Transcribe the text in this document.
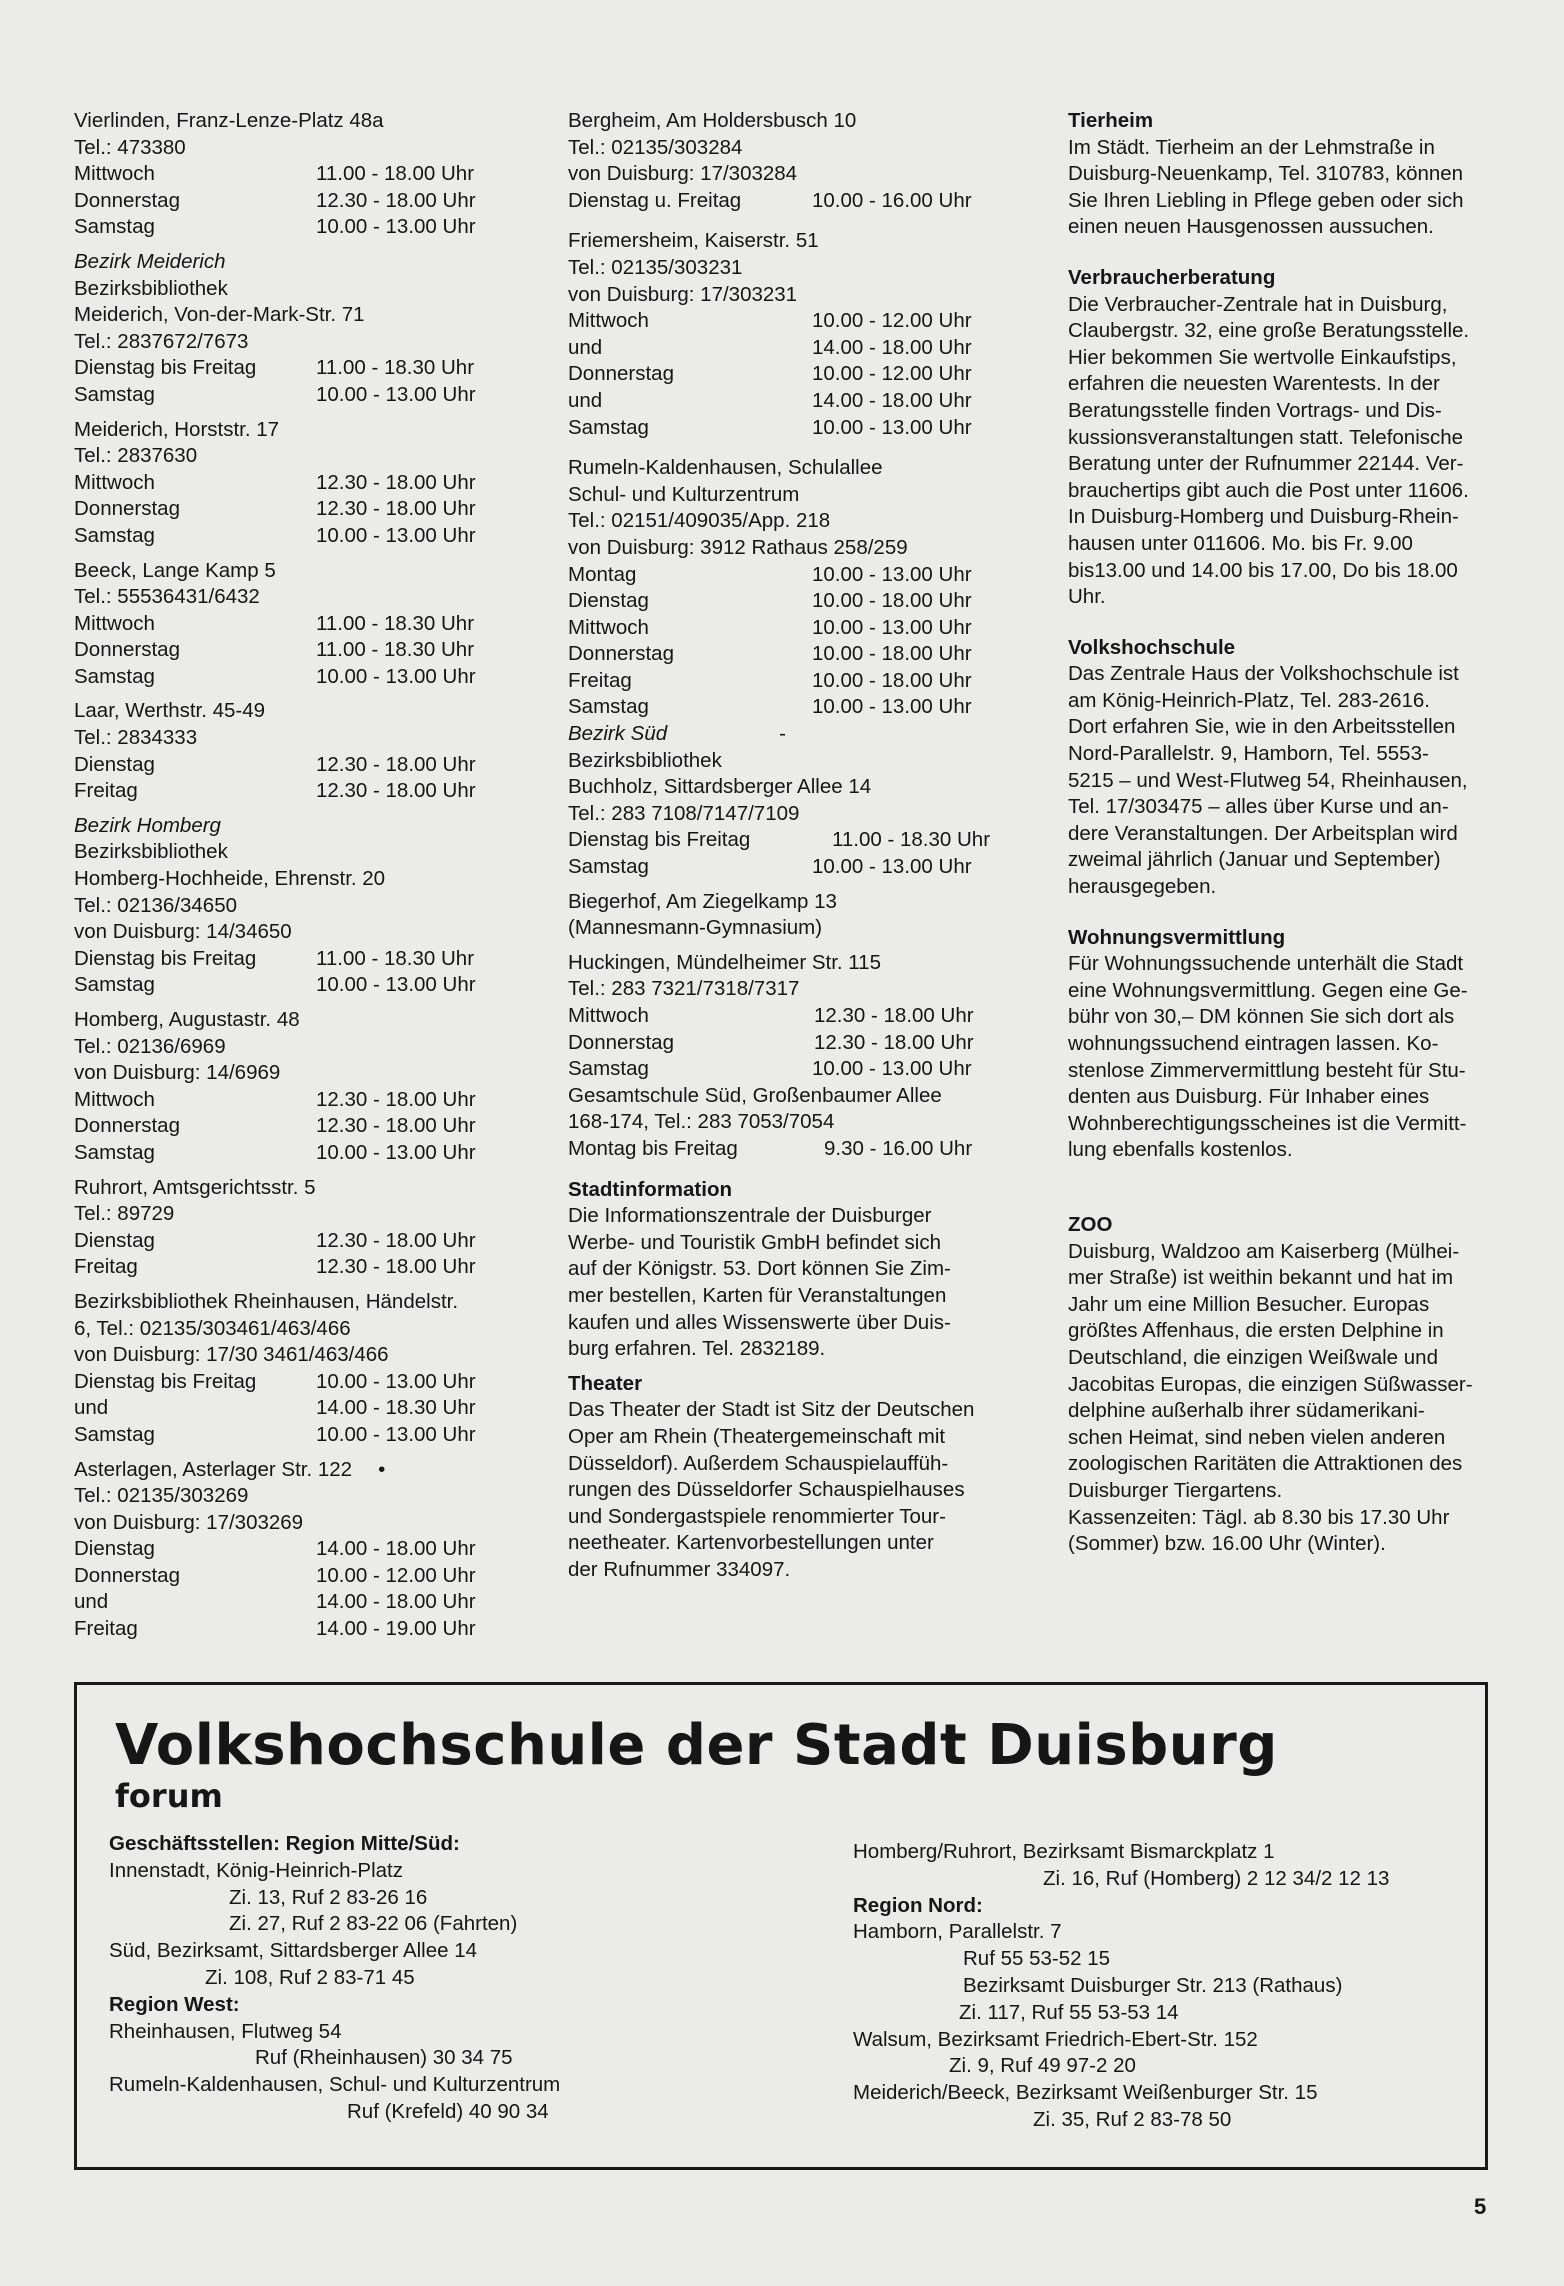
Vierlinden, Franz-Lenze-Platz 48a
Tel.: 473380
Mittwoch	11.00 - 18.00 Uhr
Donnerstag	12.30 - 18.00 Uhr
Samstag	10.00 - 13.00 Uhr
Bezirk Meiderich
Bezirksbibliothek
Meiderich, Von-der-Mark-Str. 71
Tel.: 2837672/7673
Dienstag bis Freitag	11.00 - 18.30 Uhr
Samstag	10.00 - 13.00 Uhr
Meiderich, Horststr. 17
Tel.: 2837630
Mittwoch	12.30 - 18.00 Uhr
Donnerstag	12.30 - 18.00 Uhr
Samstag	10.00 - 13.00 Uhr
Beeck, Lange Kamp 5
Tel.: 55536431/6432
Mittwoch	11.00 - 18.30 Uhr
Donnerstag	11.00 - 18.30 Uhr
Samstag	10.00 - 13.00 Uhr
Laar, Werthstr. 45-49
Tel.: 2834333
Dienstag	12.30 - 18.00 Uhr
Freitag	12.30 - 18.00 Uhr
Bezirk Homberg
Bezirksbibliothek
Homberg-Hochheide, Ehrenstr. 20
Tel.: 02136/34650
von Duisburg: 14/34650
Dienstag bis Freitag	11.00 - 18.30 Uhr
Samstag	10.00 - 13.00 Uhr
Homberg, Augustastr. 48
Tel.: 02136/6969
von Duisburg: 14/6969
Mittwoch	12.30 - 18.00 Uhr
Donnerstag	12.30 - 18.00 Uhr
Samstag	10.00 - 13.00 Uhr
Ruhrort, Amtsgerichtsstr. 5
Tel.: 89729
Dienstag	12.30 - 18.00 Uhr
Freitag	12.30 - 18.00 Uhr
Bezirksbibliothek Rheinhausen, Händelstr.
6, Tel.: 02135/303461/463/466
von Duisburg: 17/30 3461/463/466
Dienstag bis Freitag	10.00 - 13.00 Uhr
und	14.00 - 18.30 Uhr
Samstag	10.00 - 13.00 Uhr
Asterlagen, Asterlager Str. 122 •
Tel.: 02135/303269
von Duisburg: 17/303269
Dienstag	14.00 - 18.00 Uhr
Donnerstag	10.00 - 12.00 Uhr
und	14.00 - 18.00 Uhr
Freitag	14.00 - 19.00 Uhr
Bergheim, Am Holdersbusch 10
Tel.: 02135/303284
von Duisburg: 17/303284
Dienstag u. Freitag	10.00 - 16.00 Uhr
Friemersheim, Kaiserstr. 51
Tel.: 02135/303231
von Duisburg: 17/303231
Mittwoch	10.00 - 12.00 Uhr
und	14.00 - 18.00 Uhr
Donnerstag	10.00 - 12.00 Uhr
und	14.00 - 18.00 Uhr
Samstag	10.00 - 13.00 Uhr
Rumeln-Kaldenhausen, Schulallee
Schul- und Kulturzentrum
Tel.: 02151/409035/App. 218
von Duisburg: 3912 Rathaus 258/259
Montag	10.00 - 13.00 Uhr
Dienstag	10.00 - 18.00 Uhr
Mittwoch	10.00 - 13.00 Uhr
Donnerstag	10.00 - 18.00 Uhr
Freitag	10.00 - 18.00 Uhr
Samstag	10.00 - 13.00 Uhr
Bezirk Süd	-
Bezirksbibliothek
Buchholz, Sittardsberger Allee 14
Tel.: 283 7108/7147/7109
Dienstag bis Freitag	11.00 - 18.30 Uhr
Samstag	10.00 - 13.00 Uhr
Biegerhof, Am Ziegelkamp 13
(Mannesmann-Gymnasium)
Huckingen, Mündelheimer Str. 115
Tel.: 283 7321/7318/7317
Mittwoch	12.30 - 18.00 Uhr
Donnerstag	12.30 - 18.00 Uhr
Samstag	10.00 - 13.00 Uhr
Gesamtschule Süd, Großenbaumer Allee
168-174, Tel.: 283 7053/7054
Montag bis Freitag	9.30 - 16.00 Uhr
Stadtinformation
Die Informationszentrale der Duisburger
Werbe- und Touristik GmbH befindet sich
auf der Königstr. 53. Dort können Sie Zim-
mer bestellen, Karten für Veranstaltungen
kaufen und alles Wissenswerte über Duis-
burg erfahren. Tel. 2832189.
Theater
Das Theater der Stadt ist Sitz der Deutschen
Oper am Rhein (Theatergemeinschaft mit
Düsseldorf). Außerdem Schauspielauffüh-
rungen des Düsseldorfer Schauspielhauses
und Sondergastspiele renommierter Tour-
neetheater. Kartenvorbestellungen unter
der Rufnummer 334097.
Tierheim
Im Städt. Tierheim an der Lehmstraße in
Duisburg-Neuenkamp, Tel. 310783, können
Sie Ihren Liebling in Pflege geben oder sich
einen neuen Hausgenossen aussuchen.
Verbraucherberatung
Die Verbraucher-Zentrale hat in Duisburg,
Claubergstr. 32, eine große Beratungsstelle.
Hier bekommen Sie wertvolle Einkaufstips,
erfahren die neuesten Warentests. In der
Beratungsstelle finden Vortrags- und Dis-
kussionsveranstaltungen statt. Telefonische
Beratung unter der Rufnummer 22144. Ver-
brauchertips gibt auch die Post unter 11606.
In Duisburg-Homberg und Duisburg-Rhein-
hausen unter 011606. Mo. bis Fr. 9.00
bis13.00 und 14.00 bis 17.00, Do bis 18.00
Uhr.
Volkshochschule
Das Zentrale Haus der Volkshochschule ist
am König-Heinrich-Platz, Tel. 283-2616.
Dort erfahren Sie, wie in den Arbeitsstellen
Nord-Parallelstr. 9, Hamborn, Tel. 5553-
5215 – und West-Flutweg 54, Rheinhausen,
Tel. 17/303475 – alles über Kurse und an-
dere Veranstaltungen. Der Arbeitsplan wird
zweimal jährlich (Januar und September)
herausgegeben.
Wohnungsvermittlung
Für Wohnungssuchende unterhält die Stadt
eine Wohnungsvermittlung. Gegen eine Ge-
bühr von 30,– DM können Sie sich dort als
wohnungssuchend eintragen lassen. Ko-
stenlose Zimmervermittlung besteht für Stu-
denten aus Duisburg. Für Inhaber eines
Wohnberechtigungsscheines ist die Vermitt-
lung ebenfalls kostenlos.
ZOO
Duisburg, Waldzoo am Kaiserberg (Mülhei-
mer Straße) ist weithin bekannt und hat im
Jahr um eine Million Besucher. Europas
größtes Affenhaus, die ersten Delphine in
Deutschland, die einzigen Weißwale und
Jacobitas Europas, die einzigen Süßwasser-
delphine außerhalb ihrer südamerikani-
schen Heimat, sind neben vielen anderen
zoologischen Raritäten die Attraktionen des
Duisburger Tiergartens.
Kassenzeiten: Tägl. ab 8.30 bis 17.30 Uhr
(Sommer) bzw. 16.00 Uhr (Winter).
Volkshochschule der Stadt Duisburg
forum
Geschäftsstellen: Region Mitte/Süd:
Innenstadt, König-Heinrich-Platz
Zi. 13, Ruf 2 83-26 16
Zi. 27, Ruf 2 83-22 06 (Fahrten)
Süd, Bezirksamt, Sittardsberger Allee 14
Zi. 108, Ruf 2 83-71 45
Region West:
Rheinhausen, Flutweg 54
Ruf (Rheinhausen) 30 34 75
Rumeln-Kaldenhausen, Schul- und Kulturzentrum
Ruf (Krefeld) 40 90 34
Homberg/Ruhrort, Bezirksamt Bismarckplatz 1
Zi. 16, Ruf (Homberg) 2 12 34/2 12 13
Region Nord:
Hamborn, Parallelstr. 7
Ruf 55 53-52 15
Bezirksamt Duisburger Str. 213 (Rathaus)
Zi. 117, Ruf 55 53-53 14
Walsum, Bezirksamt Friedrich-Ebert-Str. 152
Zi. 9, Ruf 49 97-2 20
Meiderich/Beeck, Bezirksamt Weißenburger Str. 15
Zi. 35, Ruf 2 83-78 50
5
